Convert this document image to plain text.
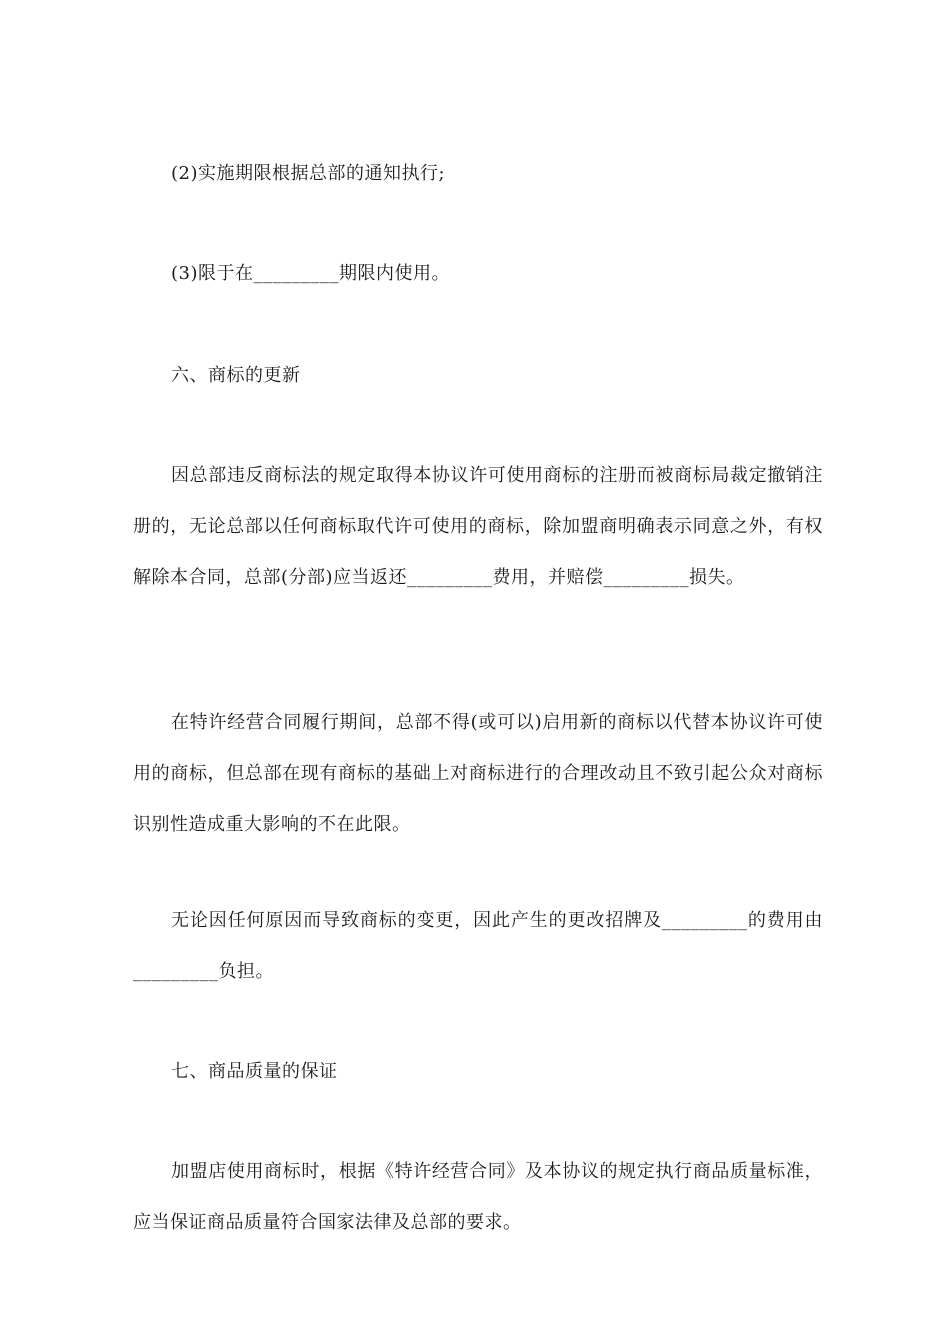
(2)实施期限根据总部的通知执行;

(3)限于在_________期限内使用。

六、商标的更新

因总部违反商标法的规定取得本协议许可使用商标的注册而被商标局裁定撤销注册的，无论总部以任何商标取代许可使用的商标，除加盟商明确表示同意之外，有权解除本合同，总部(分部)应当返还_________费用，并赔偿_________损失。

在特许经营合同履行期间，总部不得(或可以)启用新的商标以代替本协议许可使用的商标，但总部在现有商标的基础上对商标进行的合理改动且不致引起公众对商标识别性造成重大影响的不在此限。

无论因任何原因而导致商标的变更，因此产生的更改招牌及_________的费用由_________负担。

七、商品质量的保证

加盟店使用商标时，根据《特许经营合同》及本协议的规定执行商品质量标准，应当保证商品质量符合国家法律及总部的要求。
